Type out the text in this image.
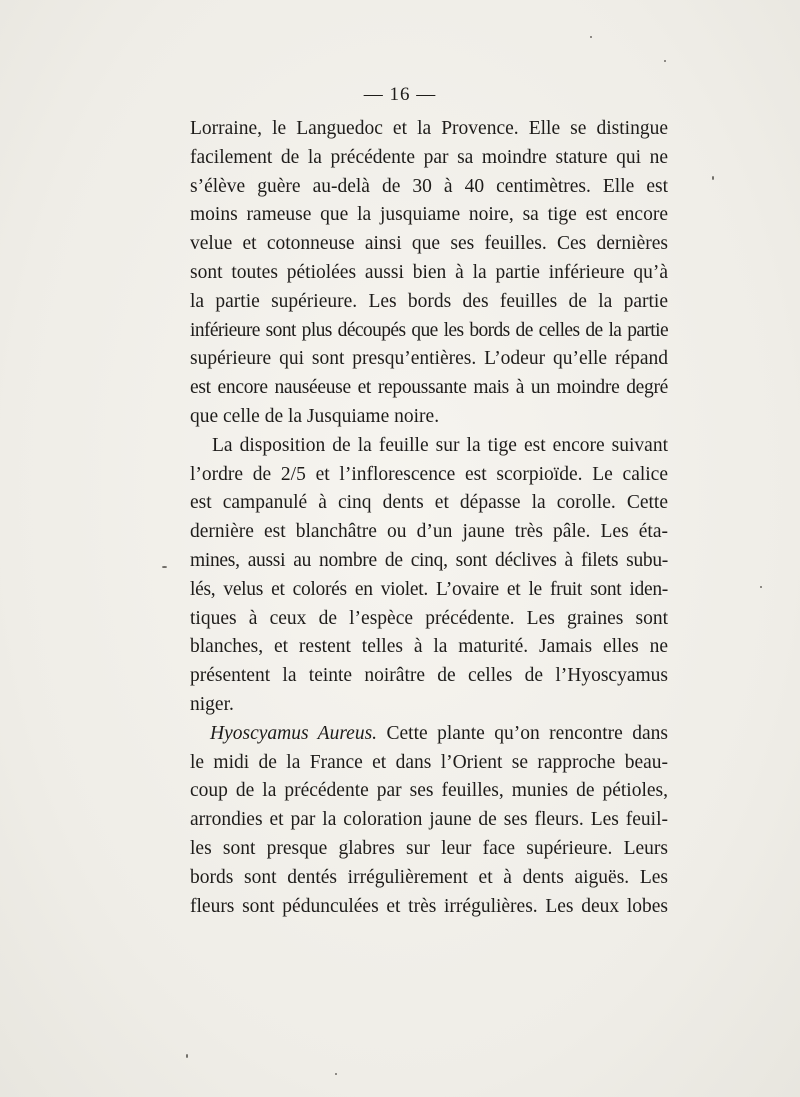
— 16 —
Lorraine, le Languedoc et la Provence. Elle se distingue
facilement de la précédente par sa moindre stature qui ne
s’élève guère au-delà de 30 à 40 centimètres. Elle est
moins rameuse que la jusquiame noire, sa tige est encore
velue et cotonneuse ainsi que ses feuilles. Ces dernières
sont toutes pétiolées aussi bien à la partie inférieure qu’à
la partie supérieure. Les bords des feuilles de la partie
inférieure sont plus découpés que les bords de celles de la partie
supérieure qui sont presqu’entières. L’odeur qu’elle répand
est encore nauséeuse et repoussante mais à un moindre degré
que celle de la Jusquiame noire.
La disposition de la feuille sur la tige est encore suivant
l’ordre de 2/5 et l’inflorescence est scorpioïde. Le calice
est campanulé à cinq dents et dépasse la corolle. Cette
dernière est blanchâtre ou d’un jaune très pâle. Les éta-
mines, aussi au nombre de cinq, sont déclives à filets subu-
lés, velus et colorés en violet. L’ovaire et le fruit sont iden-
tiques à ceux de l’espèce précédente. Les graines sont
blanches, et restent telles à la maturité. Jamais elles ne
présentent la teinte noirâtre de celles de l’Hyoscyamus
niger.
Hyoscyamus Aureus. Cette plante qu’on rencontre dans
le midi de la France et dans l’Orient se rapproche beau-
coup de la précédente par ses feuilles, munies de pétioles,
arrondies et par la coloration jaune de ses fleurs. Les feuil-
les sont presque glabres sur leur face supérieure. Leurs
bords sont dentés irrégulièrement et à dents aiguës. Les
fleurs sont pédunculées et très irrégulières. Les deux lobes
